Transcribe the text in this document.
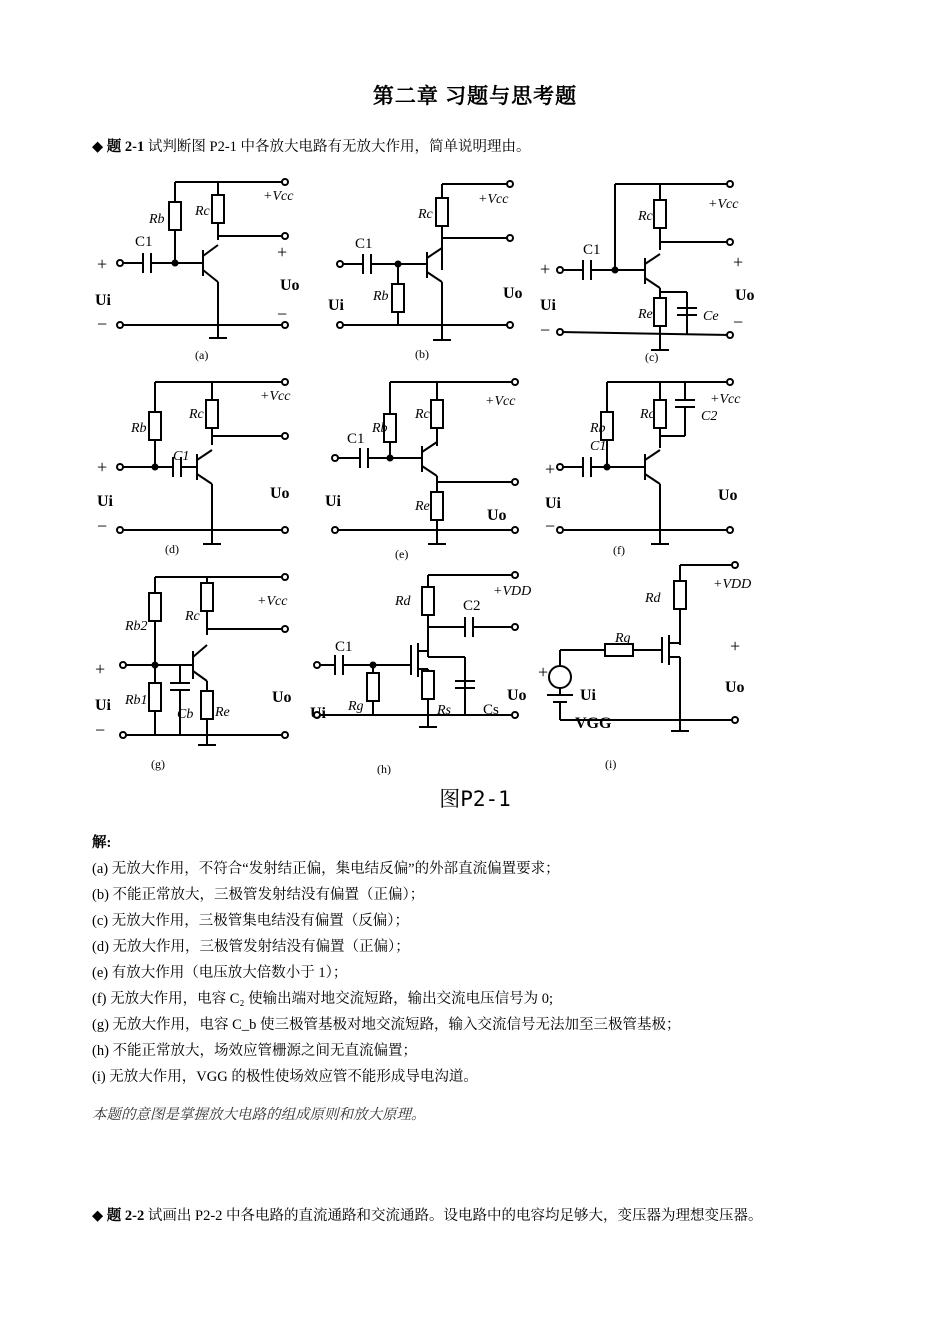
第二章 习题与思考题
◆ 题 2-1 试判断图 P2-1 中各放大电路有无放大作用，简单说明理由。
(a)	(b)	(c)
(d)	(e)	(f)
(g)	(h)	(i)
+Vcc	+Vcc	+Vcc
+Vcc	+Vcc	+Vcc
+Vcc
+VDD	+VDD
Ui
Uo
Ui
Uo
Ui
Uo
Ui	Uo Ui
Uo
Ui	Uo
Ui	Uo
Ui
Uo	Ui	Uo
Rb
Rc
C1
Rb
Rc
C1
Rc
C1
Re	Ce
Rb
Rc
C1
Rb
Rc
C1
Re
Rb
Rc
C1
C2
Rb2
Rb1
Rc
Cb Re
Rd	C2
C1
Rg	Rs Cs
Rd
Rg
VGG
+
−
+
−
+
−
+
−
+
−
+
−
+
−
+
+
图P2-1
解:
(a) 无放大作用，不符合“发射结正偏，集电结反偏”的外部直流偏置要求；
(b) 不能正常放大，三极管发射结没有偏置（正偏）；
(c) 无放大作用，三极管集电结没有偏置（反偏）；
(d) 无放大作用，三极管发射结没有偏置（正偏）；
(e) 有放大作用（电压放大倍数小于 1）；
(f) 无放大作用，电容 C₂ 使输出端对地交流短路，输出交流电压信号为 0;
(g) 无放大作用，电容 C_b 使三极管基极对地交流短路，输入交流信号无法加至三极管基极；
(h) 不能正常放大，场效应管栅源之间无直流偏置；
(i) 无放大作用，VGG 的极性使场效应管不能形成导电沟道。
本题的意图是掌握放大电路的组成原则和放大原理。
◆ 题 2-2 试画出 P2-2 中各电路的直流通路和交流通路。设电路中的电容均足够大，变压器为理想变压器。
